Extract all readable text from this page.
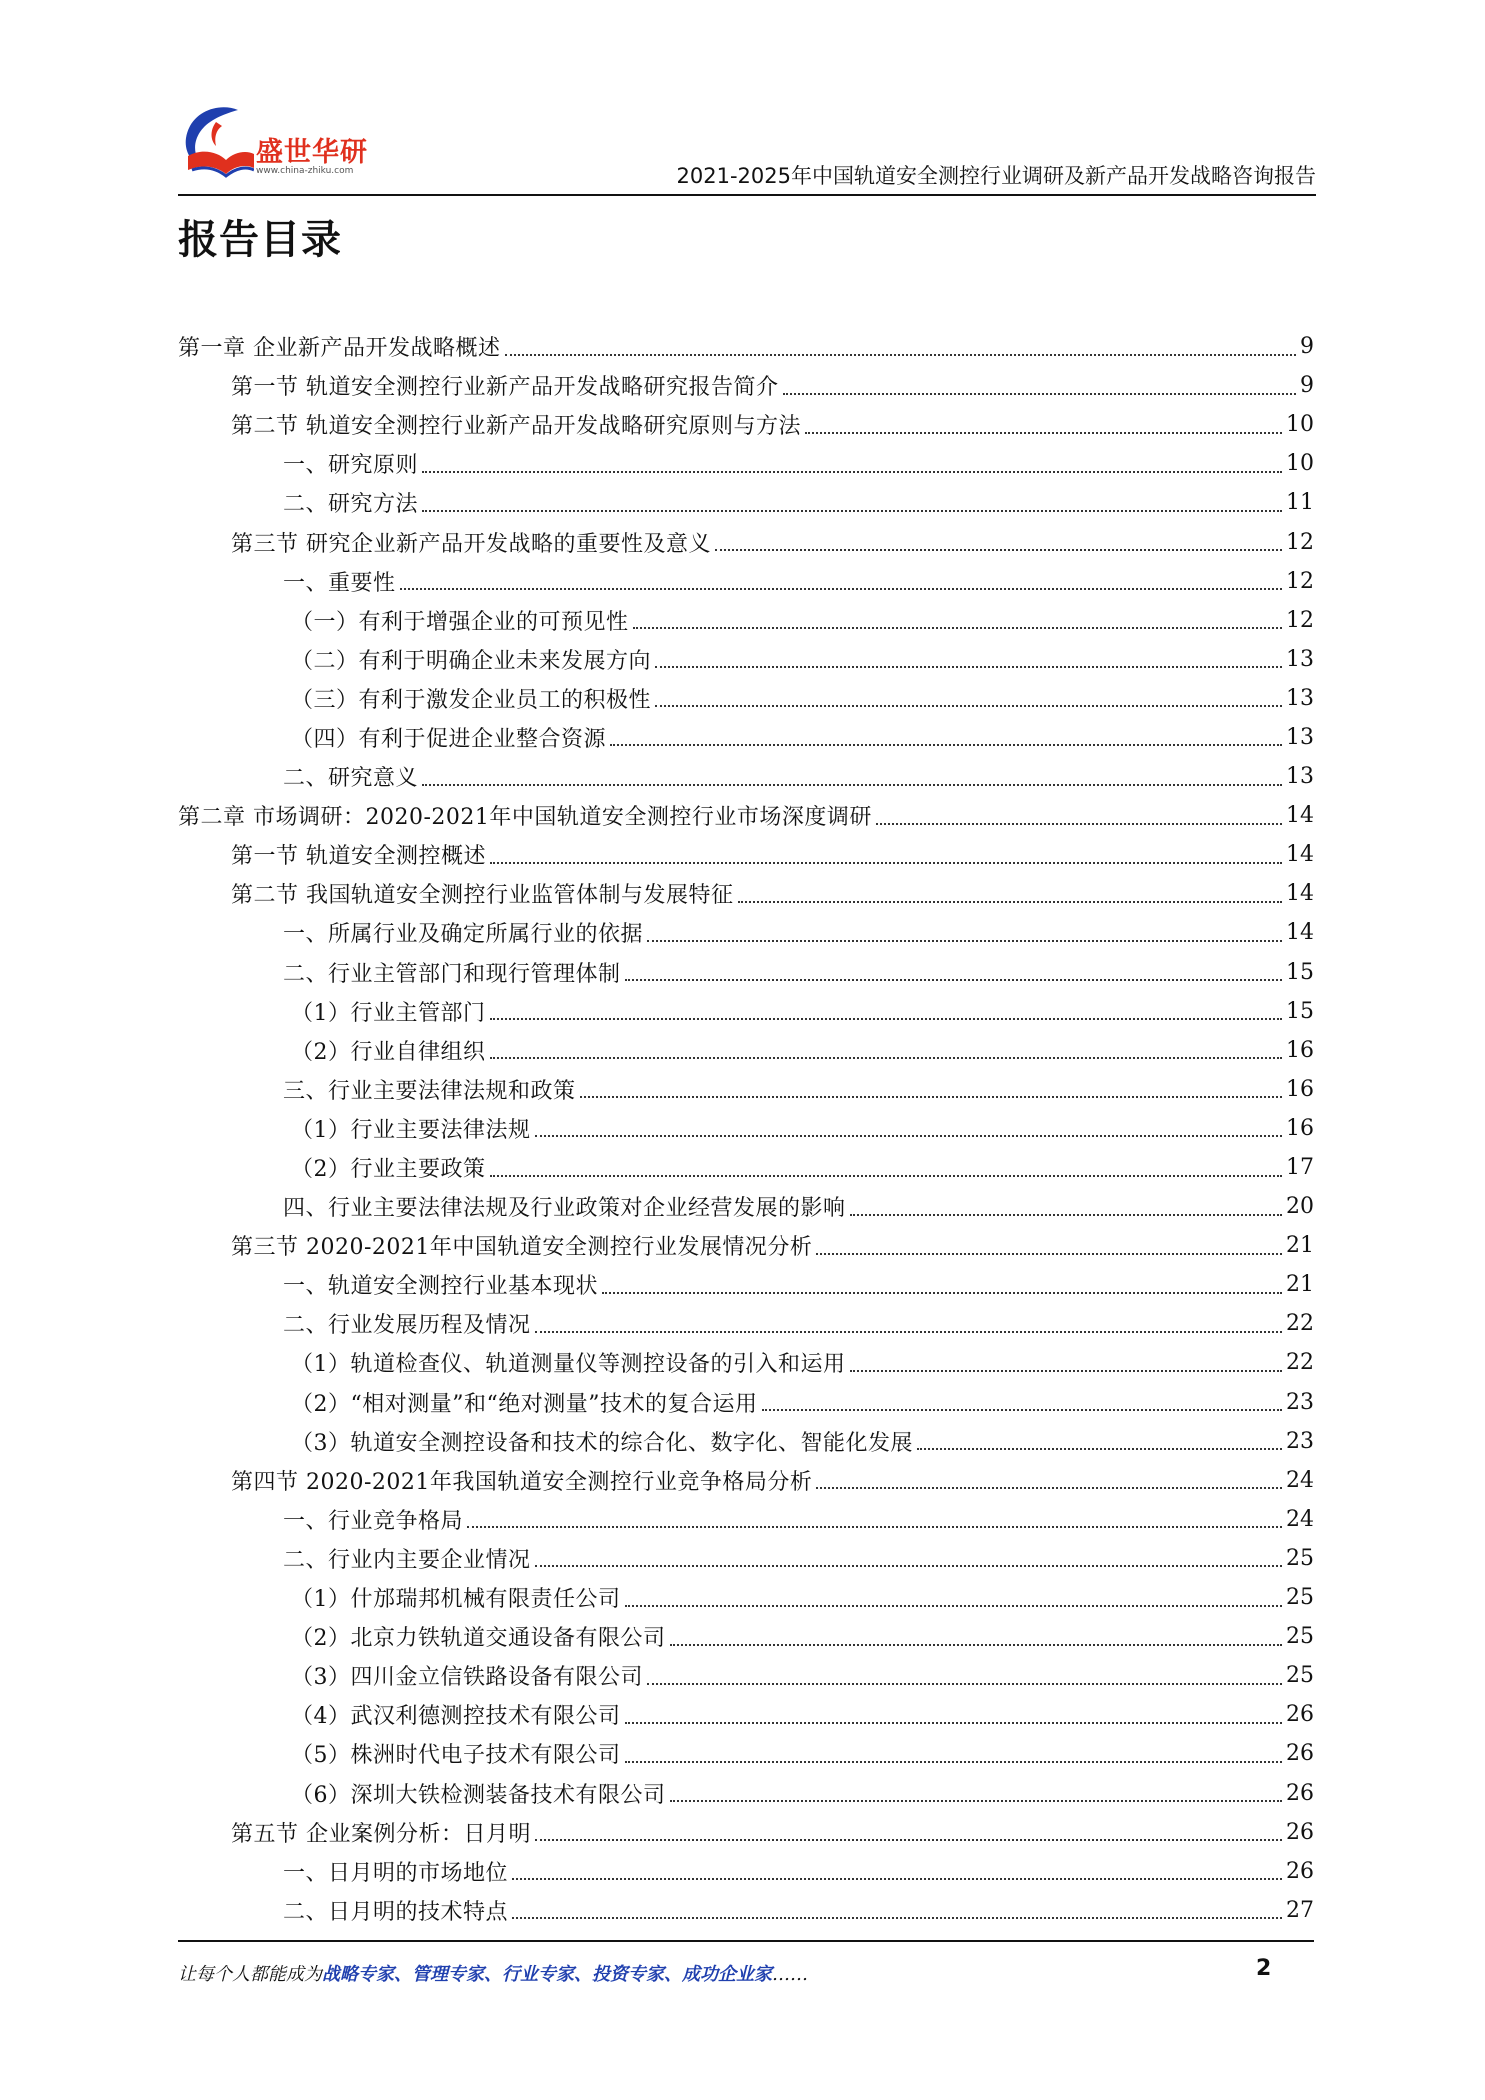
盛世华研
www.china-zhiku.com	2021-2025年中国轨道安全测控行业调研及新产品开发战略咨询报告
报告目录
第一章 企业新产品开发战略概述	9
第一节 轨道安全测控行业新产品开发战略研究报告简介	9
第二节 轨道安全测控行业新产品开发战略研究原则与方法	10
一、研究原则	10
二、研究方法	11
第三节 研究企业新产品开发战略的重要性及意义	12
一、重要性	12
（一）有利于增强企业的可预见性	12
（二）有利于明确企业未来发展方向	13
（三）有利于激发企业员工的积极性	13
（四）有利于促进企业整合资源	13
二、研究意义	13
第二章 市场调研：2020-2021年中国轨道安全测控行业市场深度调研	14
第一节 轨道安全测控概述	14
第二节 我国轨道安全测控行业监管体制与发展特征	14
一、所属行业及确定所属行业的依据	14
二、行业主管部门和现行管理体制	15
（1）行业主管部门	15
（2）行业自律组织	16
三、行业主要法律法规和政策	16
（1）行业主要法律法规	16
（2）行业主要政策	17
四、行业主要法律法规及行业政策对企业经营发展的影响	20
第三节 2020-2021年中国轨道安全测控行业发展情况分析	21
一、轨道安全测控行业基本现状	21
二、行业发展历程及情况	22
（1）轨道检查仪、轨道测量仪等测控设备的引入和运用	22
（2）“相对测量”和“绝对测量”技术的复合运用	23
（3）轨道安全测控设备和技术的综合化、数字化、智能化发展	23
第四节 2020-2021年我国轨道安全测控行业竞争格局分析	24
一、行业竞争格局	24
二、行业内主要企业情况	25
（1）什邡瑞邦机械有限责任公司	25
（2）北京力铁轨道交通设备有限公司	25
（3）四川金立信铁路设备有限公司	25
（4）武汉利德测控技术有限公司	26
（5）株洲时代电子技术有限公司	26
（6）深圳大铁检测装备技术有限公司	26
第五节 企业案例分析：日月明	26
一、日月明的市场地位	26
二、日月明的技术特点	27
让每个人都能成为战略专家、管理专家、行业专家、投资专家、成功企业家……	2
